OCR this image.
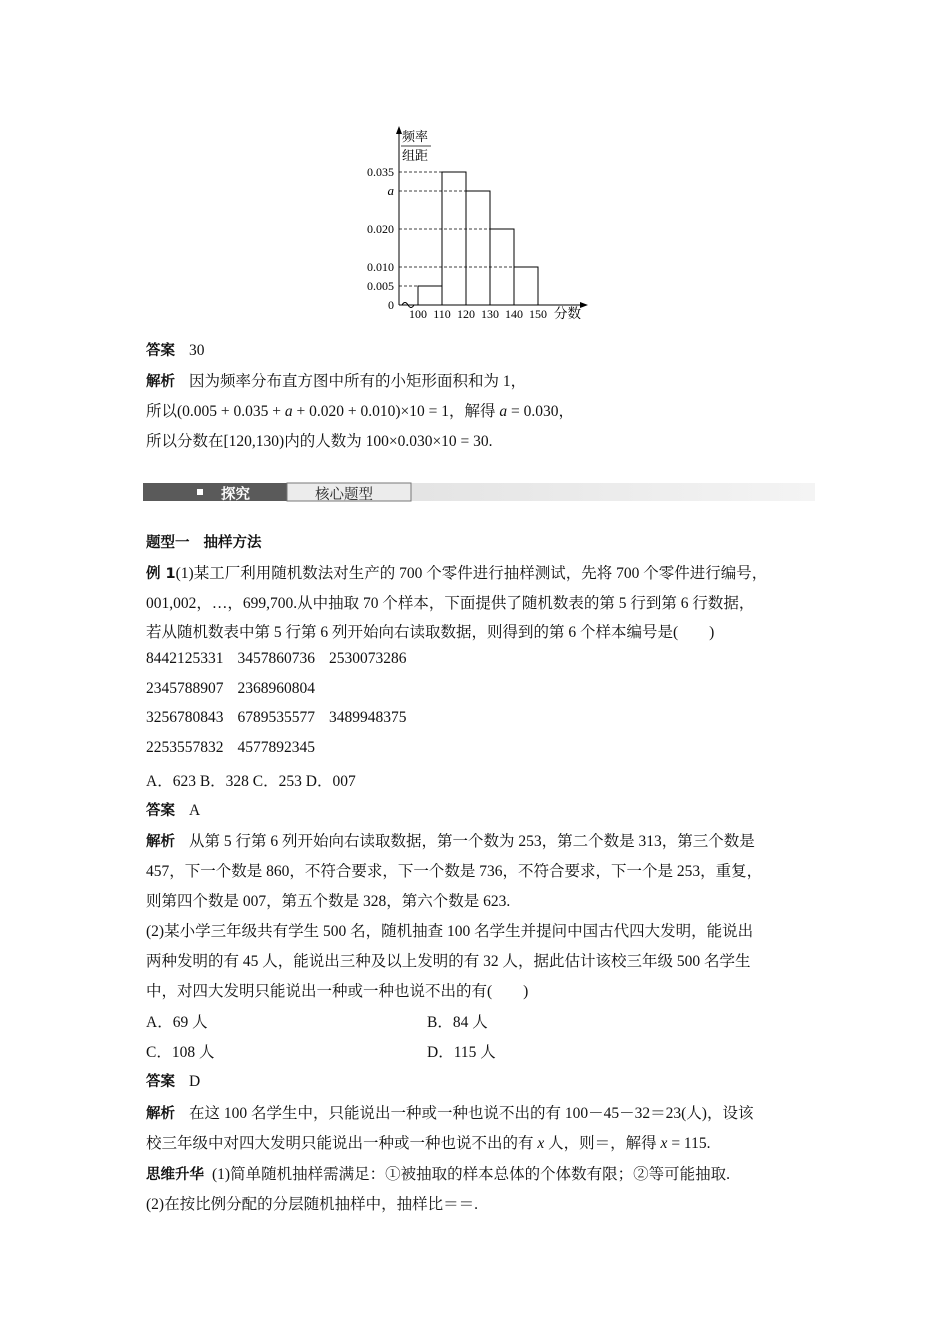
频率
组距
分数
0
0.005
0.010
0.020
a
0.035
100 110 120 130 140 150
答案 30
解析 因为频率分布直方图中所有的小矩形面积和为 1，
所以(0.005 + 0.035 + a + 0.020 + 0.010)×10 = 1，解得 a = 0.030，
所以分数在[120,130)内的人数为 100×0.030×10 = 30.
探究	核心题型
题型一 抽样方法
例 1(1)某工厂利用随机数法对生产的 700 个零件进行抽样测试，先将 700 个零件进行编号，
001,002，…，699,700.从中抽取 70 个样本，下面提供了随机数表的第 5 行到第 6 行数据，
若从随机数表中第 5 行第 6 列开始向右读取数据，则得到的第 6 个样本编号是(　　)
8442125331 3457860736 2530073286
2345788907 2368960804
3256780843 6789535577 3489948375
2253557832 4577892345
A．623 B．328 C．253 D．007
答案 A
解析 从第 5 行第 6 列开始向右读取数据，第一个数为 253，第二个数是 313，第三个数是
457，下一个数是 860，不符合要求，下一个数是 736，不符合要求，下一个是 253，重复，
则第四个数是 007，第五个数是 328，第六个数是 623.
(2)某小学三年级共有学生 500 名，随机抽查 100 名学生并提问中国古代四大发明，能说出
两种发明的有 45 人，能说出三种及以上发明的有 32 人，据此估计该校三年级 500 名学生
中，对四大发明只能说出一种或一种也说不出的有(　　)
A．69 人	B．84 人
C．108 人	D．115 人
答案 D
解析 在这 100 名学生中，只能说出一种或一种也说不出的有 100－45－32＝23(人)，设该
校三年级中对四大发明只能说出一种或一种也说不出的有 x 人，则＝，解得 x = 115.
思维升华 (1)简单随机抽样需满足：①被抽取的样本总体的个体数有限；②等可能抽取.
(2)在按比例分配的分层随机抽样中，抽样比＝＝.
